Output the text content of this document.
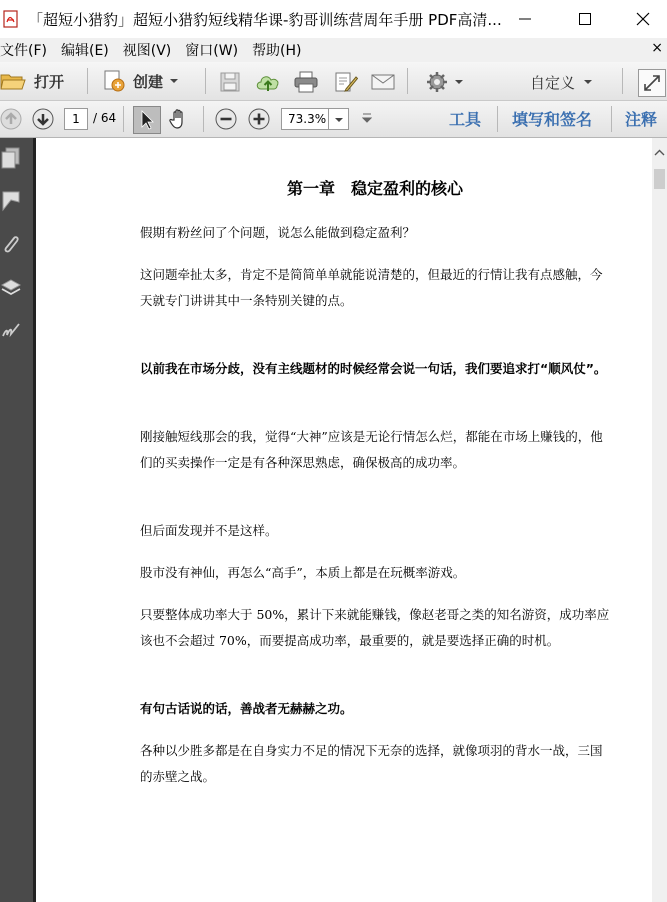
「超短小猎豹」超短小猎豹短线精华课-豹哥训练营周年手册 PDF高清...
文件(F)	编辑(E)	视图(V)	窗口(W)	帮助(H)	×
打开	创建	自定义
1	/ 64	73.3%	工具 填写和签名 注释
第一章　稳定盈利的核心
假期有粉丝问了个问题，说怎么能做到稳定盈利？
这问题牵扯太多，肯定不是简简单单就能说清楚的，但最近的行情让我有点感触，今天就专门讲讲其中一条特别关键的点。
以前我在市场分歧，没有主线题材的时候经常会说一句话，我们要追求打“顺风仗”。
刚接触短线那会的我，觉得“大神”应该是无论行情怎么烂，都能在市场上赚钱的，他们的买卖操作一定是有各种深思熟虑，确保极高的成功率。
但后面发现并不是这样。
股市没有神仙，再怎么“高手”，本质上都是在玩概率游戏。
只要整体成功率大于 50%，累计下来就能赚钱，像赵老哥之类的知名游资，成功率应该也不会超过 70%，而要提高成功率，最重要的，就是要选择正确的时机。
有句古话说的话，善战者无赫赫之功。
各种以少胜多都是在自身实力不足的情况下无奈的选择，就像项羽的背水一战，三国的赤壁之战。
